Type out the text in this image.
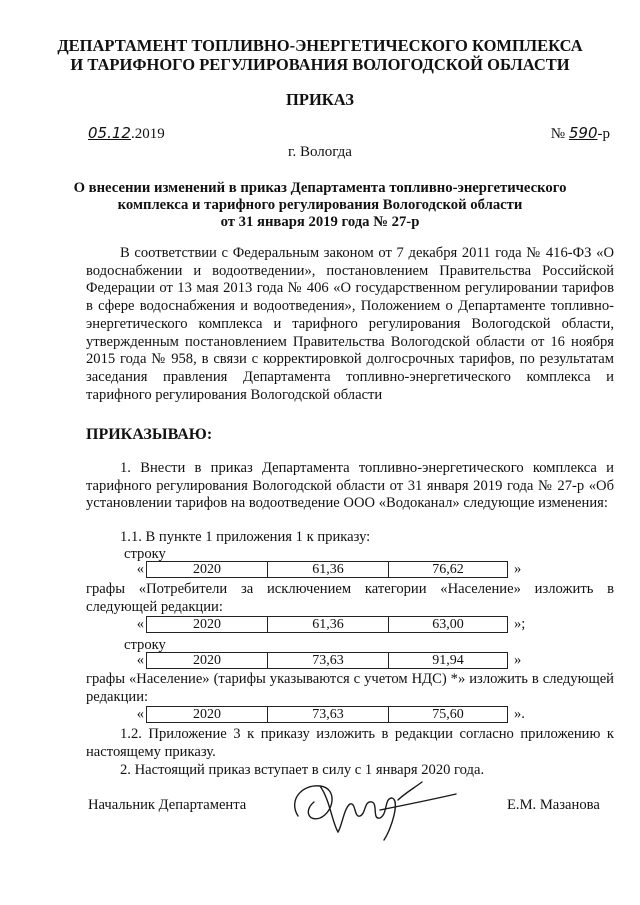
ДЕПАРТАМЕНТ ТОПЛИВНО-ЭНЕРГЕТИЧЕСКОГО КОМПЛЕКСА
И ТАРИФНОГО РЕГУЛИРОВАНИЯ ВОЛОГОДСКОЙ ОБЛАСТИ
ПРИКАЗ
05.12.2019	№ 590-р
г. Вологда
О внесении изменений в приказ Департамента топливно-энергетического
комплекса и тарифного регулирования Вологодской области
от 31 января 2019 года № 27-р
В соответствии с Федеральным законом от 7 декабря 2011 года № 416-ФЗ «О водоснабжении и водоотведении», постановлением Правительства Российской Федерации от 13 мая 2013 года № 406 «О государственном регулировании тарифов в сфере водоснабжения и водоотведения», Положением о Департаменте топливно-энергетического комплекса и тарифного регулирования Вологодской области, утвержденным постановлением Правительства Вологодской области от 16 ноября 2015 года № 958, в связи с корректировкой долгосрочных тарифов, по результатам заседания правления Департамента топливно-энергетического комплекса и тарифного регулирования Вологодской области
ПРИКАЗЫВАЮ:
1. Внести в приказ Департамента топливно-энергетического комплекса и тарифного регулирования Вологодской области от 31 января 2019 года № 27-р «Об установлении тарифов на водоотведение ООО «Водоканал» следующие изменения:
1.1. В пункте 1 приложения 1 к приказу:
строку
«	2020	61,36	76,62	»
графы «Потребители за исключением категории «Население» изложить в следующей редакции:
«	2020	61,36	63,00	»;
строку
«	2020	73,63	91,94	»
графы «Население» (тарифы указываются с учетом НДС) *» изложить в следующей редакции:
«	2020	73,63	75,60	».
1.2. Приложение 3 к приказу изложить в редакции согласно приложению к настоящему приказу.
2. Настоящий приказ вступает в силу с 1 января 2020 года.
Начальник Департамента	Е.М. Мазанова
